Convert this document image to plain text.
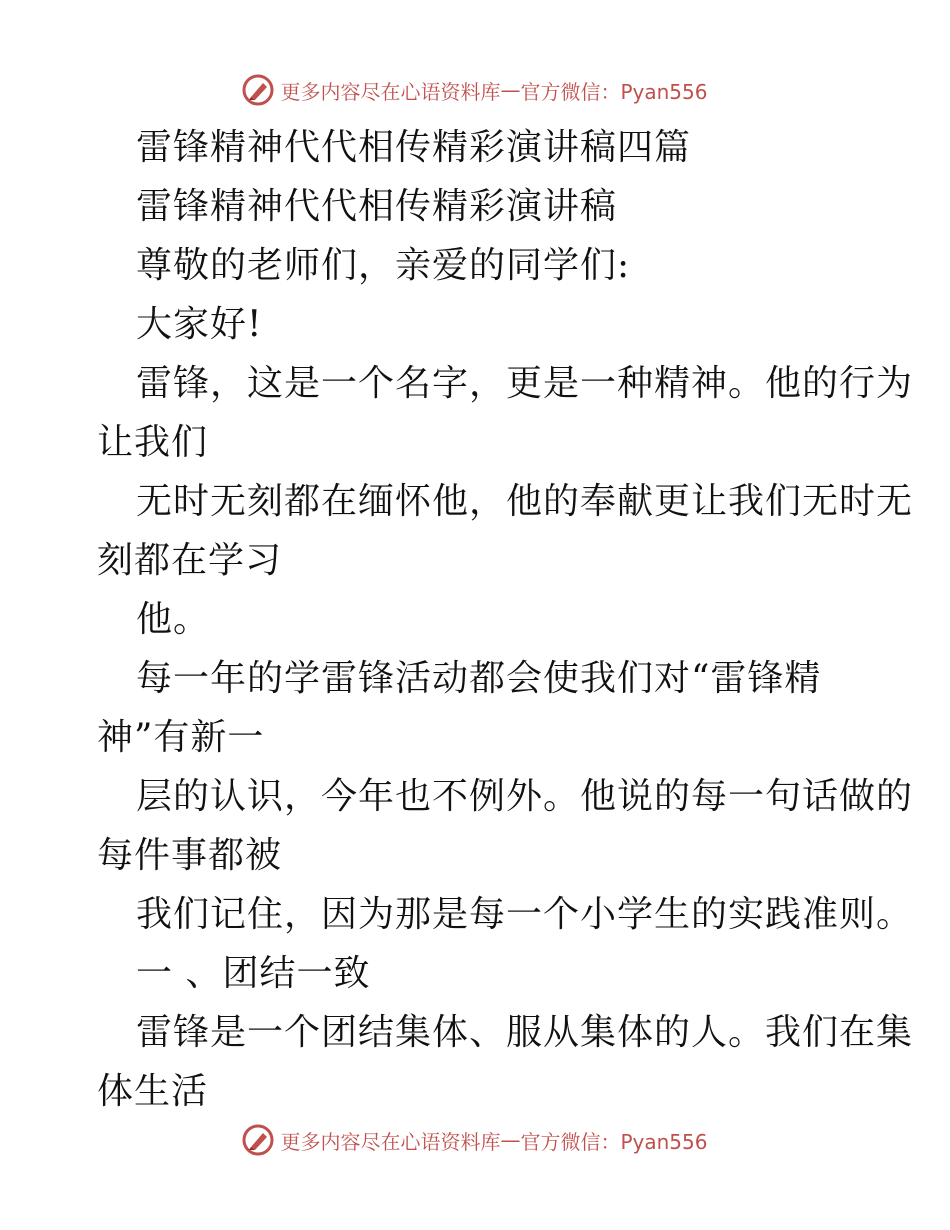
更多内容尽在心语资料库 — 官方微信：Pyan556
雷锋精神代代相传精彩演讲稿四篇
雷锋精神代代相传精彩演讲稿
尊敬的老师们，亲爱的同学们:
大家好!
雷锋，这是一个名字，更是一种精神。他的行为
让我们
无时无刻都在缅怀他，他的奉献更让我们无时无
刻都在学习
他。
每一年的学雷锋活动都会使我们对“雷锋精
神”有新一
层的认识，今年也不例外。他说的每一句话做的
每件事都被
我们记住，因为那是每一个小学生的实践准则。
一 、团结一致
雷锋是一个团结集体、服从集体的人。我们在集
体生活
更多内容尽在心语资料库 — 官方微信：Pyan556
